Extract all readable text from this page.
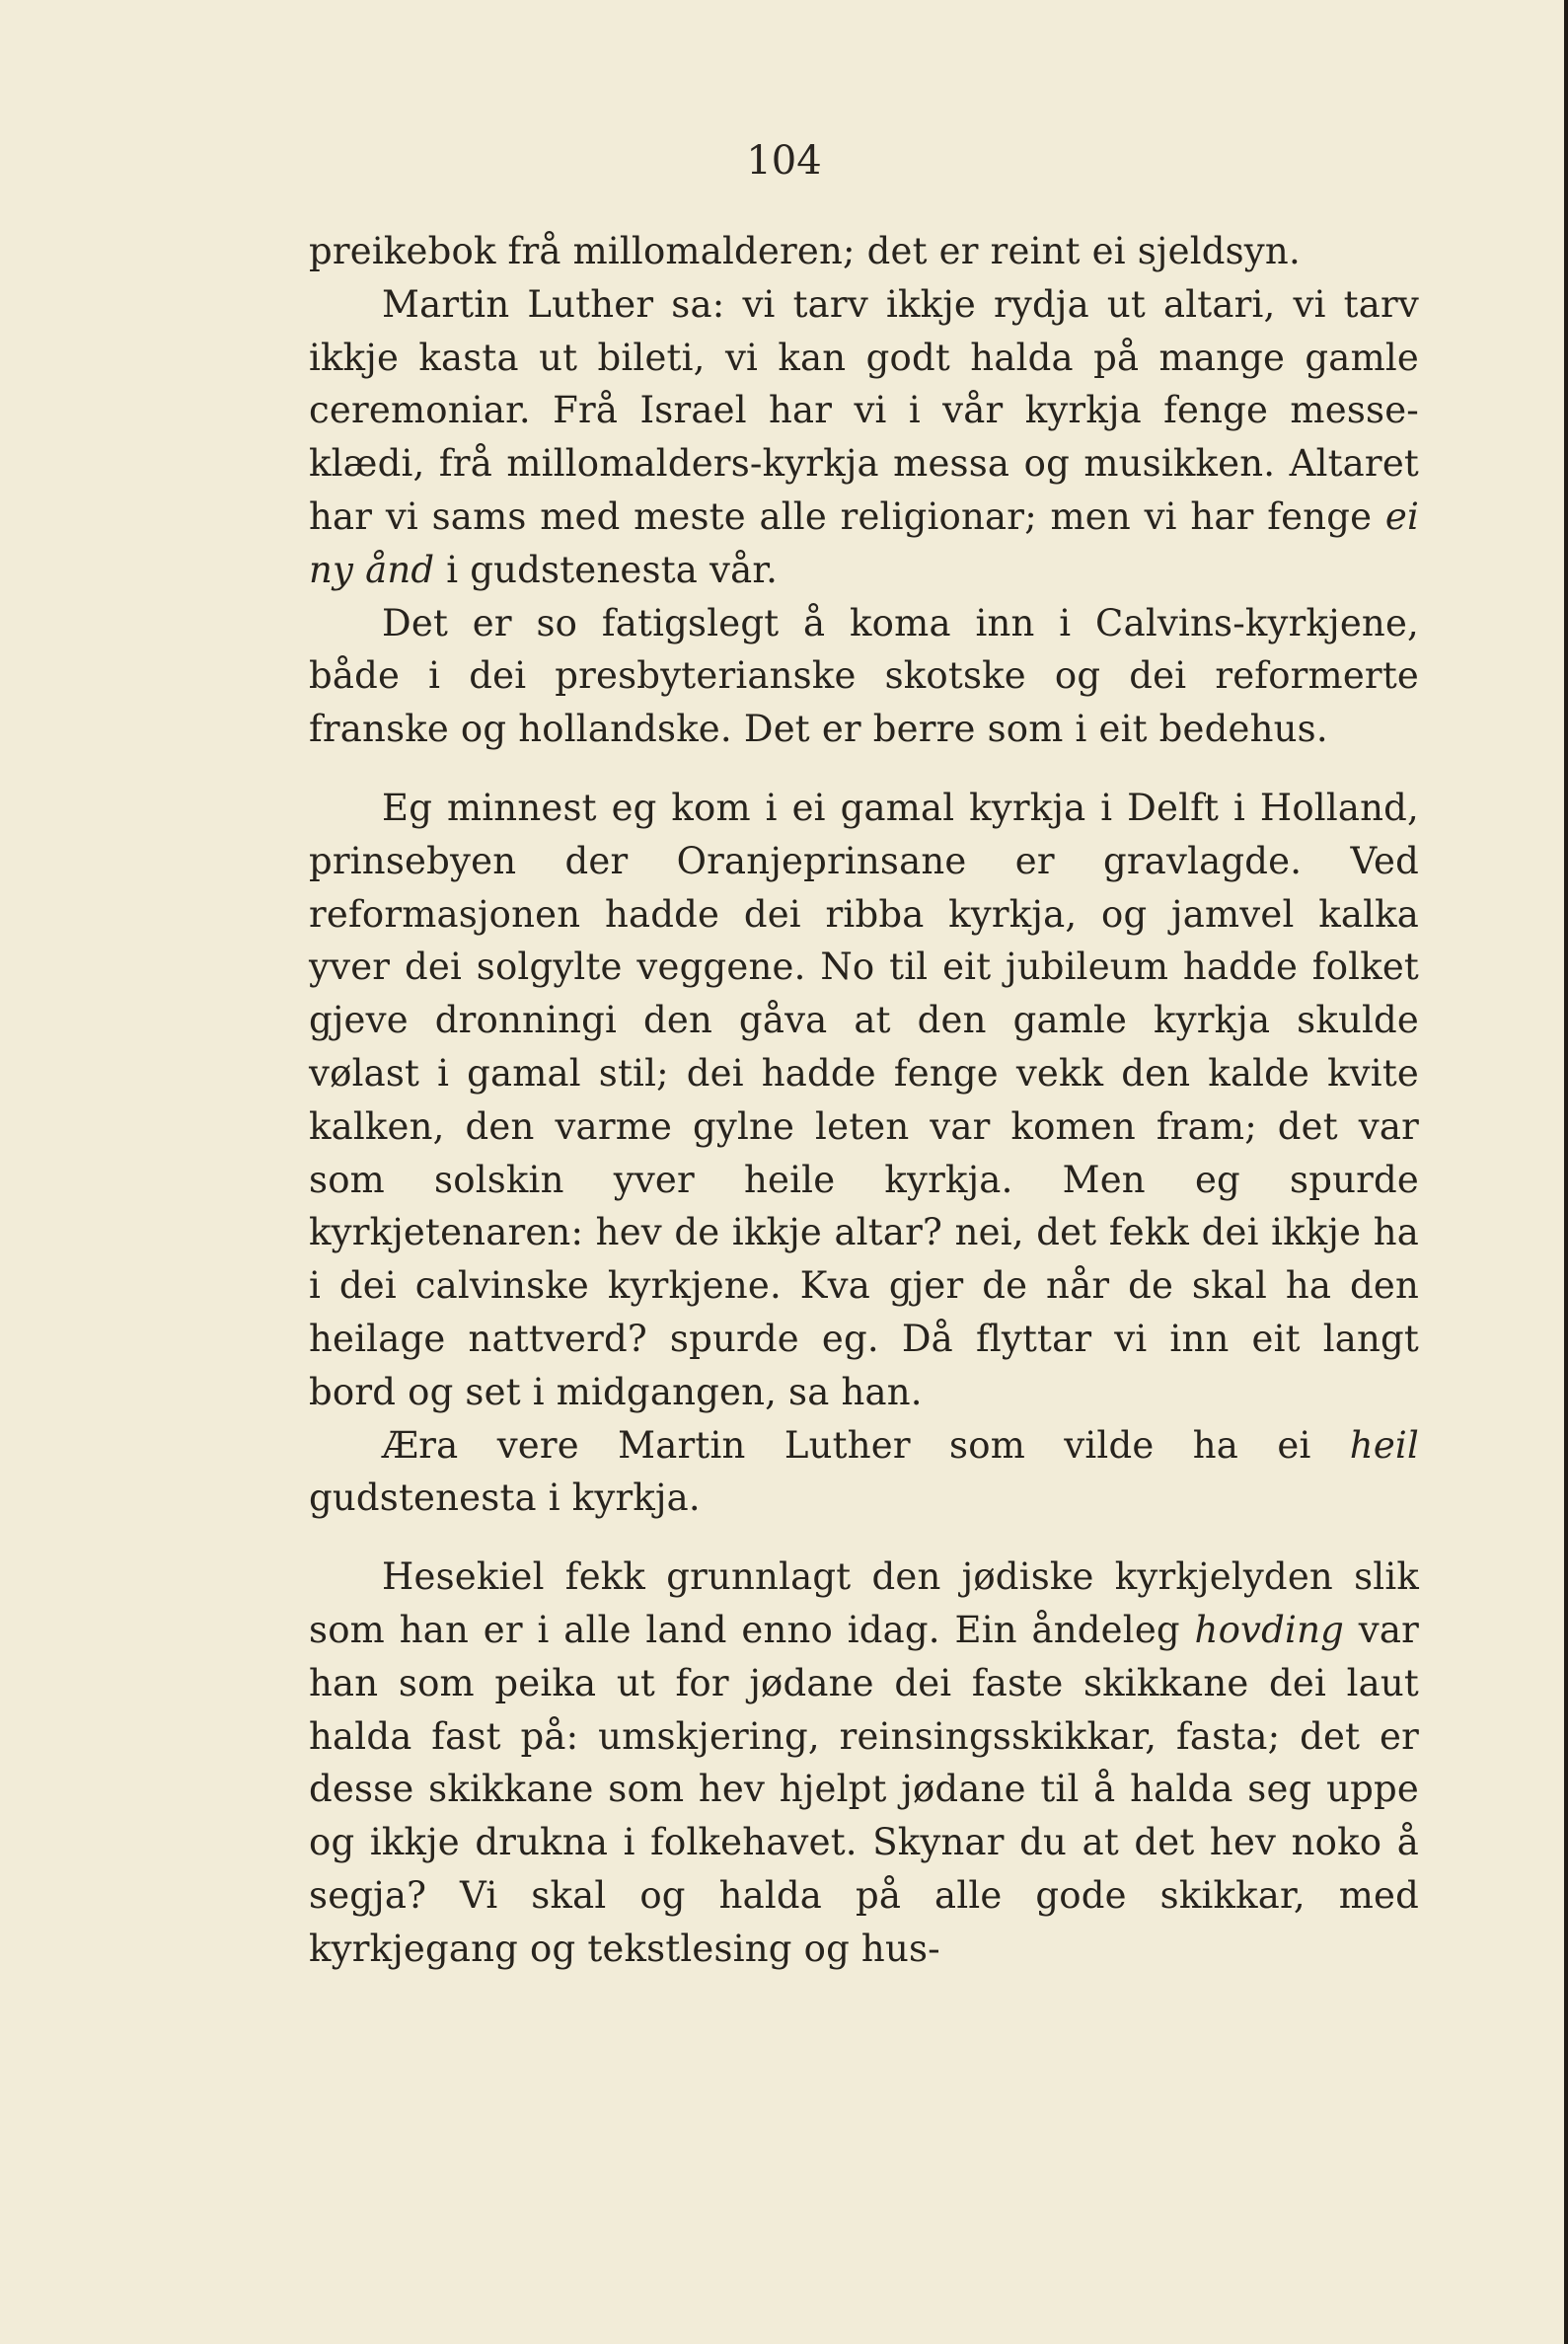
104

preikebok frå millomalderen; det er reint ei sjeldsyn.

Martin Luther sa: vi tarv ikkje rydja ut altari, vi tarv ikkje kasta ut bileti, vi kan godt halda på mange gamle ceremoniar. Frå Israel har vi i vår kyrkja fenge messe-klædi, frå millomalders-kyrkja messa og musikken. Altaret har vi sams med meste alle religionar; men vi har fenge ei ny ånd i gudstenesta vår.

Det er so fatigslegt å koma inn i Calvins-kyrkjene, både i dei presbyterianske skotske og dei reformerte franske og hollandske. Det er berre som i eit bedehus.

Eg minnest eg kom i ei gamal kyrkja i Delft i Holland, prinsebyen der Oranjeprinsane er gravlagde. Ved reformasjonen hadde dei ribba kyrkja, og jamvel kalka yver dei solgylte veggene. No til eit jubileum hadde folket gjeve dronningi den gåva at den gamle kyrkja skulde vølast i gamal stil; dei hadde fenge vekk den kalde kvite kalken, den varme gylne leten var komen fram; det var som solskin yver heile kyrkja. Men eg spurde kyrkjetenaren: hev de ikkje altar? nei, det fekk dei ikkje ha i dei calvinske kyrkjene. Kva gjer de når de skal ha den heilage nattverd? spurde eg. Då flyttar vi inn eit langt bord og set i midgangen, sa han.

Æra vere Martin Luther som vilde ha ei heil gudstenesta i kyrkja.

Hesekiel fekk grunnlagt den jødiske kyrkjelyden slik som han er i alle land enno idag. Ein åndeleg hovding var han som peika ut for jødane dei faste skikkane dei laut halda fast på: umskjering, reinsingsskikkar, fasta; det er desse skikkane som hev hjelpt jødane til å halda seg uppe og ikkje drukna i folkehavet. Skynar du at det hev noko å segja? Vi skal og halda på alle gode skikkar, med kyrkjegang og tekstlesing og hus-
